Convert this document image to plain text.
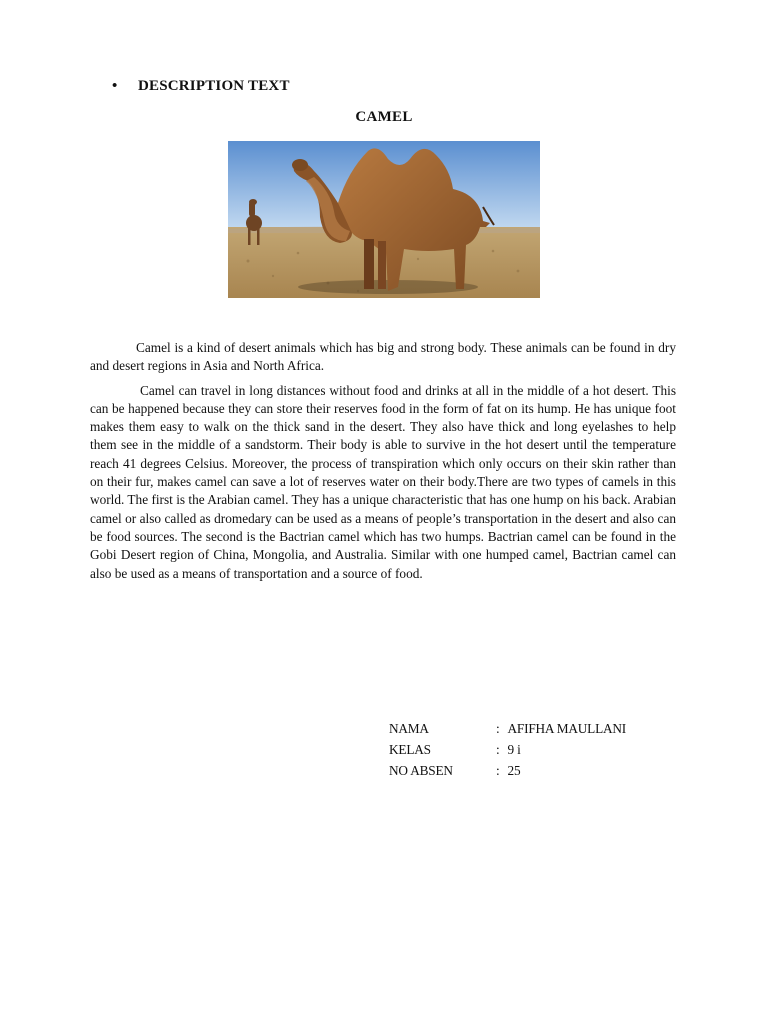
• DESCRIPTION TEXT
CAMEL

Camel is a kind of desert animals which has big and strong body. These animals can be found in dry and desert regions in Asia and North Africa.

Camel can travel in long distances without food and drinks at all in the middle of a hot desert. This can be happened because they can store their reserves food in the form of fat on its hump. He has unique foot makes them easy to walk on the thick sand in the desert. They also have thick and long eyelashes to help them see in the middle of a sandstorm. Their body is able to survive in the hot desert until the temperature reach 41 degrees Celsius. Moreover, the process of transpiration which only occurs on their skin rather than on their fur, makes camel can save a lot of reserves water on their body.There are two types of camels in this world. The first is the Arabian camel. They has a unique characteristic that has one hump on his back. Arabian camel or also called as dromedary can be used as a means of people’s transportation in the desert and also can be food sources. The second is the Bactrian camel which has two humps. Bactrian camel can be found in the Gobi Desert region of China, Mongolia, and Australia. Similar with one humped camel, Bactrian camel can also be used as a means of transportation and a source of food.

NAMA	: AFIFHA MAULLANI
KELAS	: 9 i
NO ABSEN	: 25
